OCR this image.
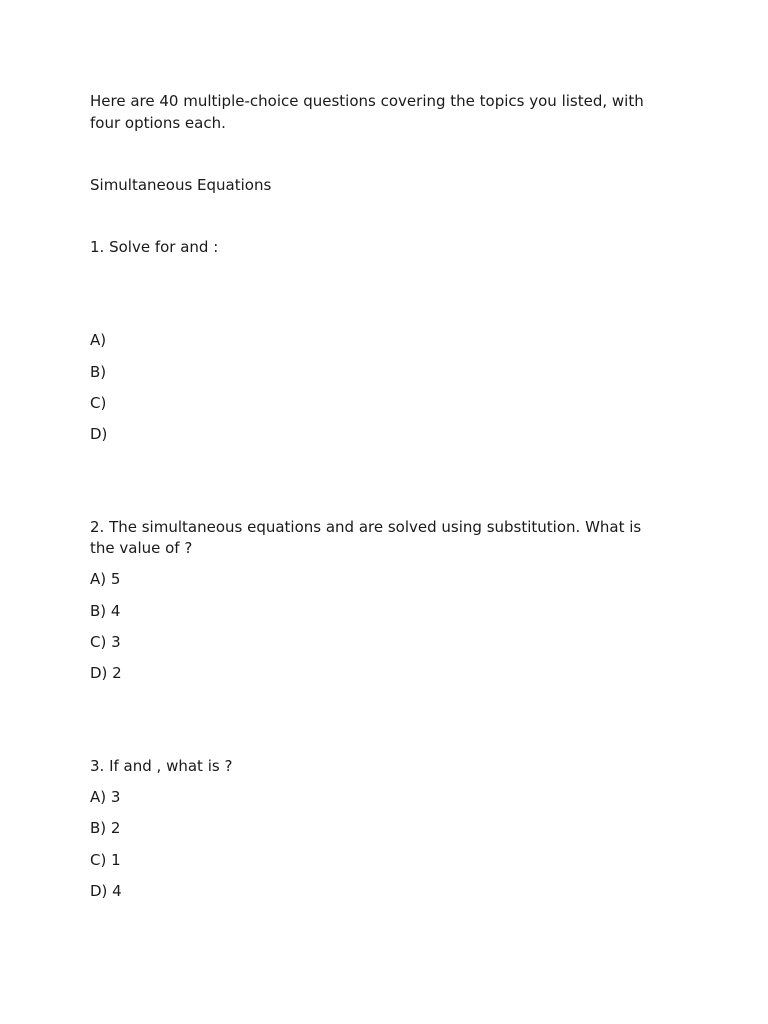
Here are 40 multiple-choice questions covering the topics you listed, with
four options each.
Simultaneous Equations
1. Solve for and :
A)
B)
C)
D)
2. The simultaneous equations and are solved using substitution. What is
the value of ?
A) 5
B) 4
C) 3
D) 2
3. If and , what is ?
A) 3
B) 2
C) 1
D) 4
